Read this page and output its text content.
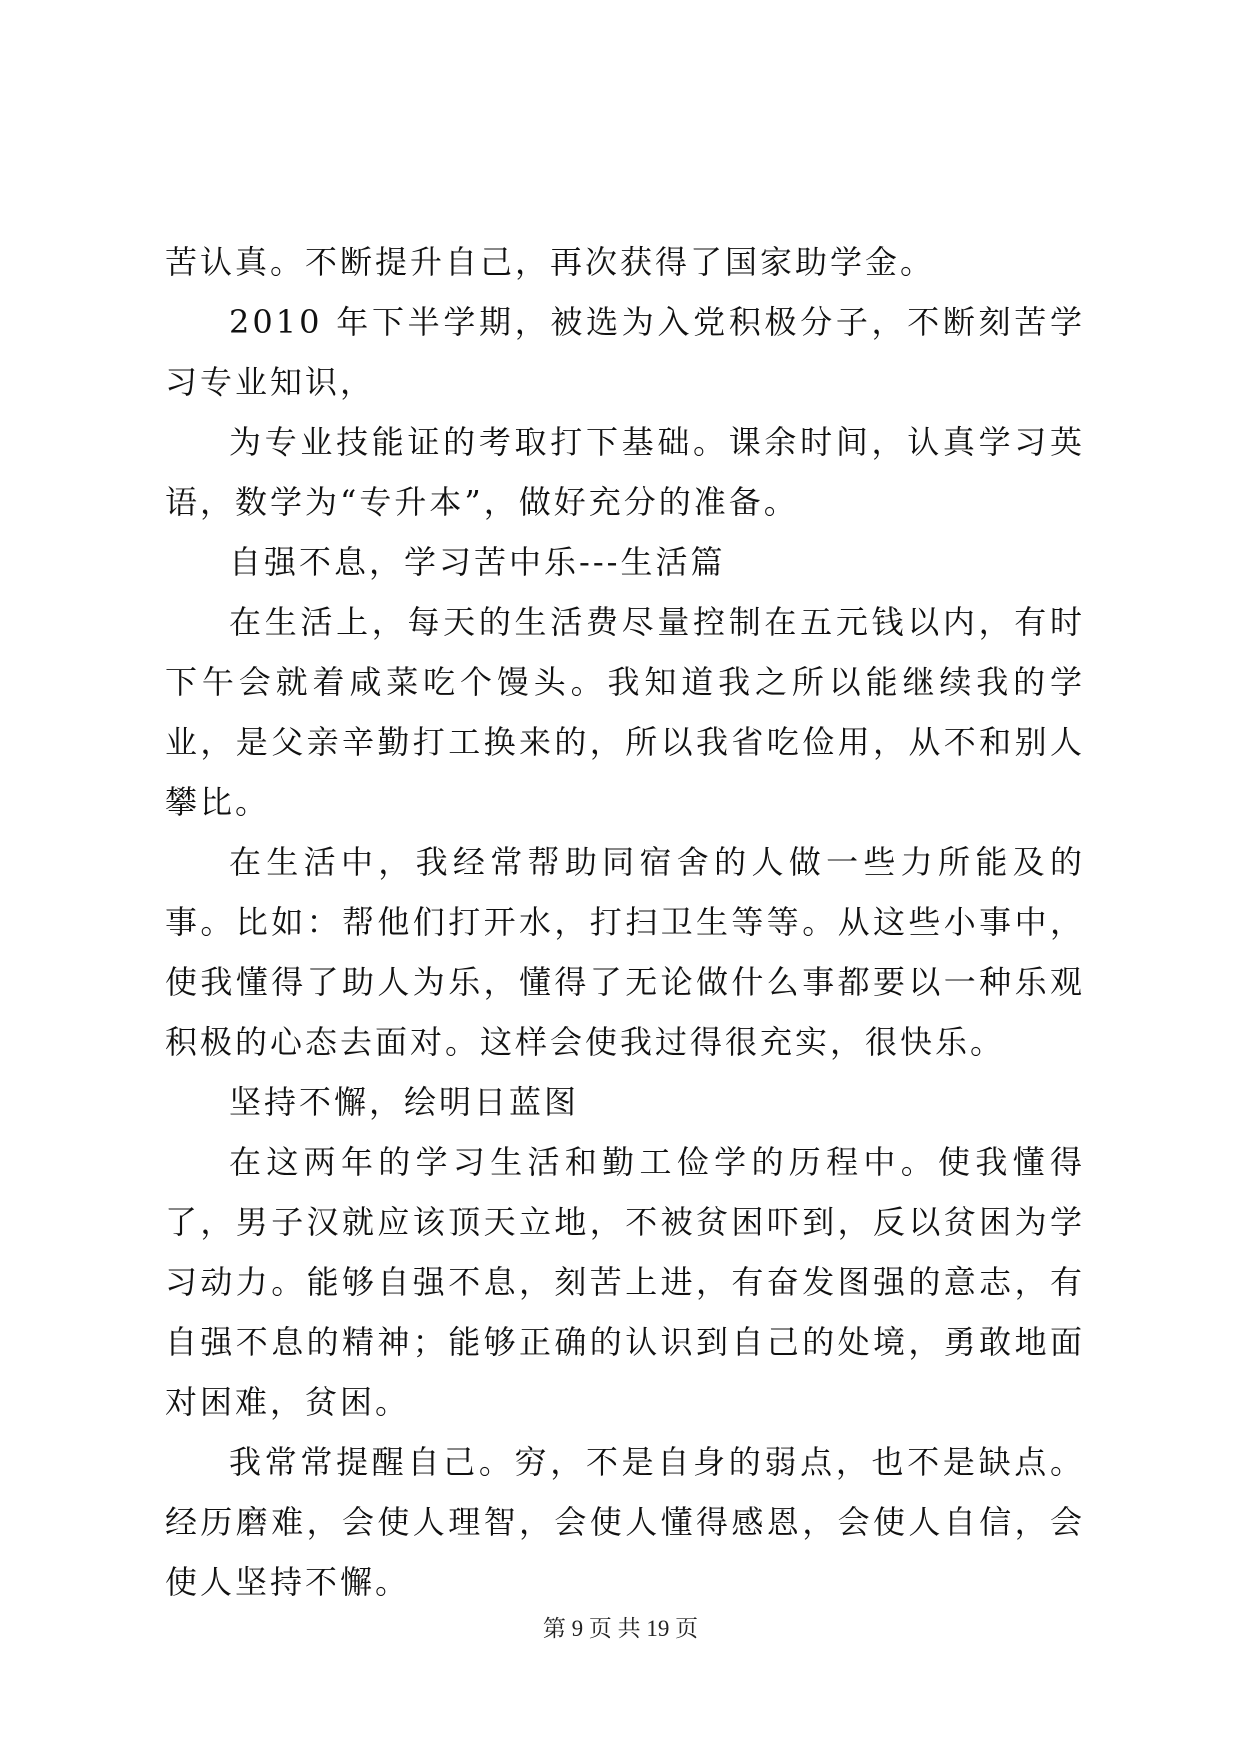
苦认真。不断提升自己，再次获得了国家助学金。

2010 年下半学期，被选为入党积极分子，不断刻苦学习专业知识，

为专业技能证的考取打下基础。课余时间，认真学习英语，数学为“专升本”，做好充分的准备。

自强不息，学习苦中乐---生活篇

在生活上，每天的生活费尽量控制在五元钱以内，有时下午会就着咸菜吃个馒头。我知道我之所以能继续我的学业，是父亲辛勤打工换来的，所以我省吃俭用，从不和别人攀比。

在生活中，我经常帮助同宿舍的人做一些力所能及的事。比如：帮他们打开水，打扫卫生等等。从这些小事中，使我懂得了助人为乐，懂得了无论做什么事都要以一种乐观积极的心态去面对。这样会使我过得很充实，很快乐。

坚持不懈，绘明日蓝图

在这两年的学习生活和勤工俭学的历程中。使我懂得了，男子汉就应该顶天立地，不被贫困吓到，反以贫困为学习动力。能够自强不息，刻苦上进，有奋发图强的意志，有自强不息的精神；能够正确的认识到自己的处境，勇敢地面对困难，贫困。

我常常提醒自己。穷，不是自身的弱点，也不是缺点。经历磨难，会使人理智，会使人懂得感恩，会使人自信，会使人坚持不懈。

第 9 页 共 19 页
